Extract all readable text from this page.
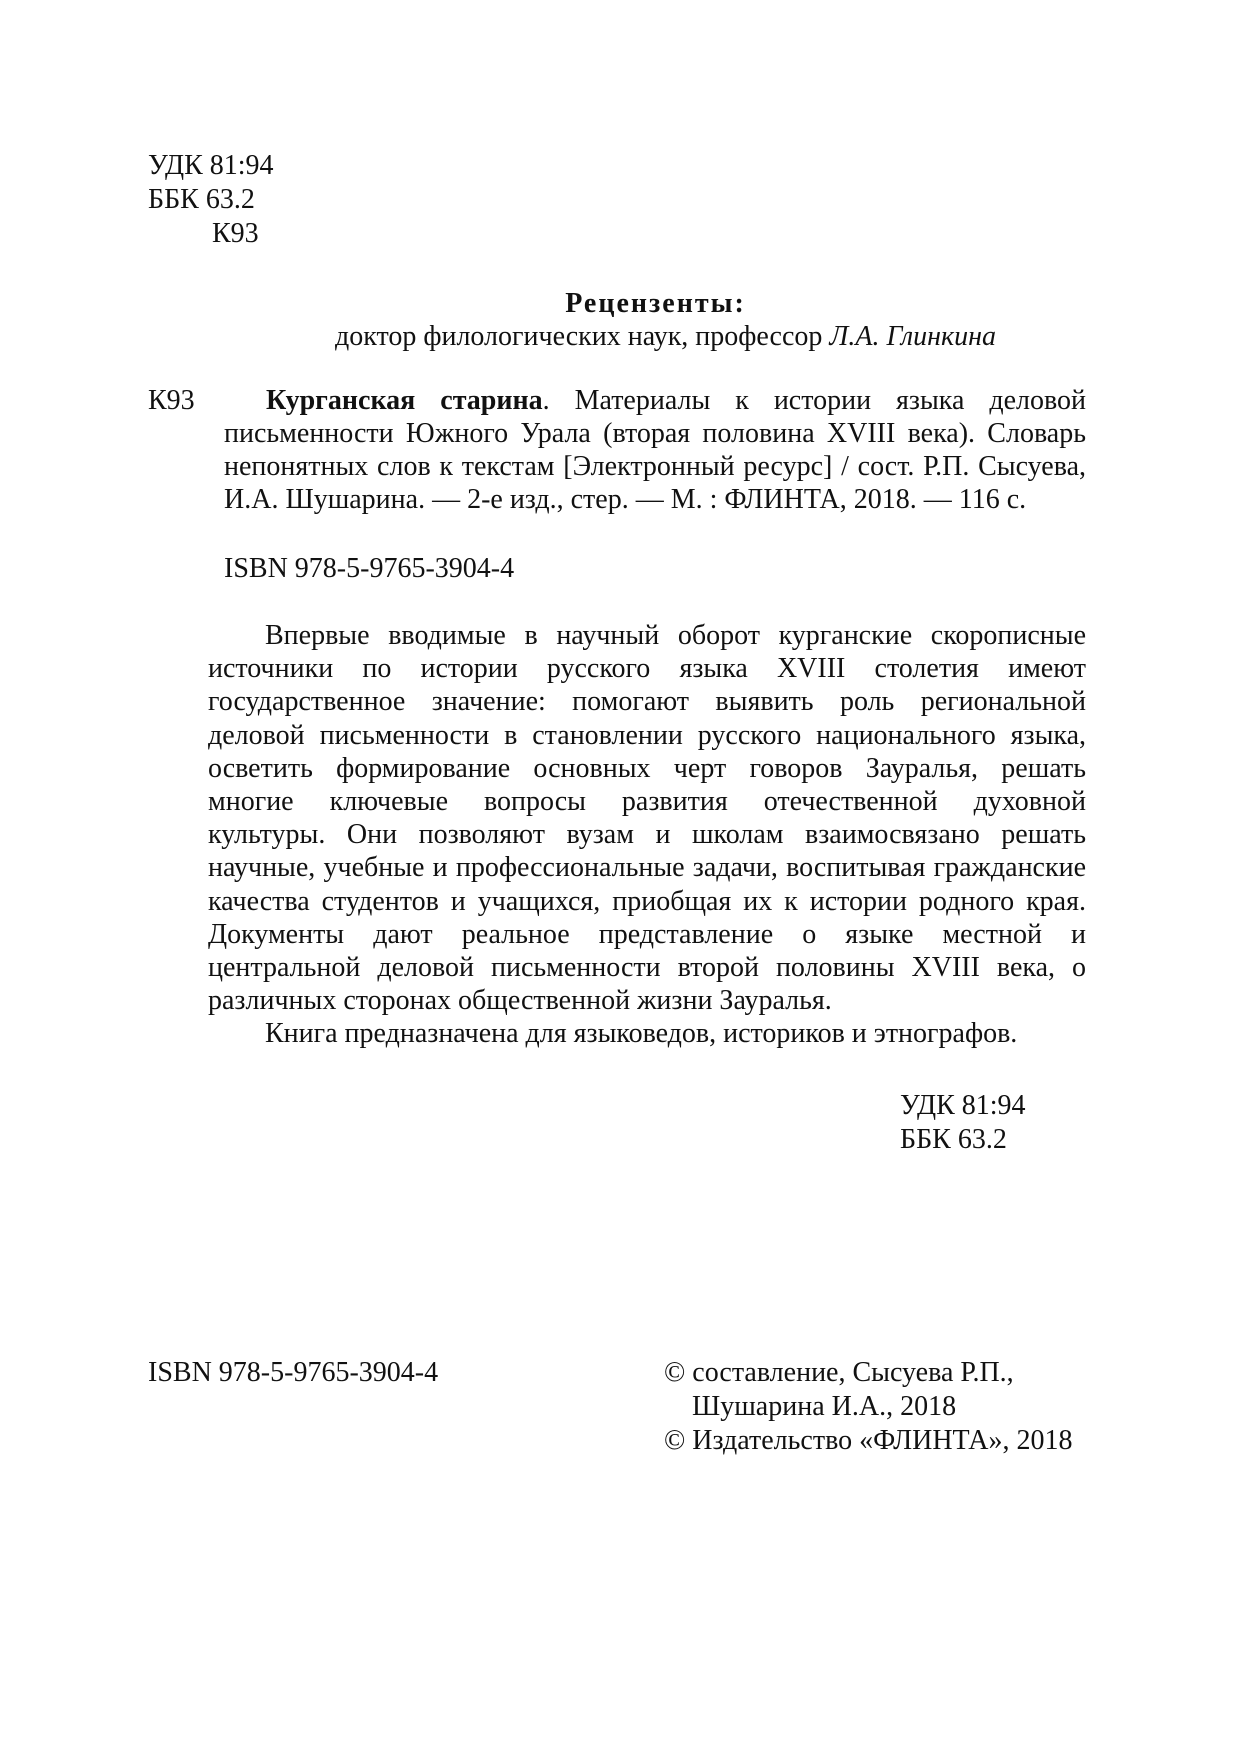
УДК 81:94
ББК 63.2
К93
Рецензенты:
доктор филологических наук, профессор Л.А. Глинкина
К93	Курганская старина. Материалы к истории языка деловой
письменности Южного Урала (вторая половина XVIII века). Словарь
непонятных слов к текстам [Электронный ресурс] / сост. Р.П. Сысуева,
И.А. Шушарина. — 2-е изд., стер. — М. : ФЛИНТА, 2018. — 116 с.
ISBN 978-5-9765-3904-4
Впервые вводимые в научный оборот курганские скорописные
источники по истории русского языка XVIII столетия имеют
государственное значение: помогают выявить роль региональной
деловой письменности в становлении русского национального языка,
осветить формирование основных черт говоров Зауралья, решать
многие ключевые вопросы развития отечественной духовной
культуры. Они позволяют вузам и школам взаимосвязано решать
научные, учебные и профессиональные задачи, воспитывая гражданские
качества студентов и учащихся, приобщая их к истории родного края.
Документы дают реальное представление о языке местной и
центральной деловой письменности второй половины XVIII века, о
различных сторонах общественной жизни Зауралья.
Книга предназначена для языковедов, историков и этнографов.
УДК 81:94
ББК 63.2
ISBN 978-5-9765-3904-4	© составление, Сысуева Р.П.,
Шушарина И.А., 2018
© Издательство «ФЛИНТА», 2018
